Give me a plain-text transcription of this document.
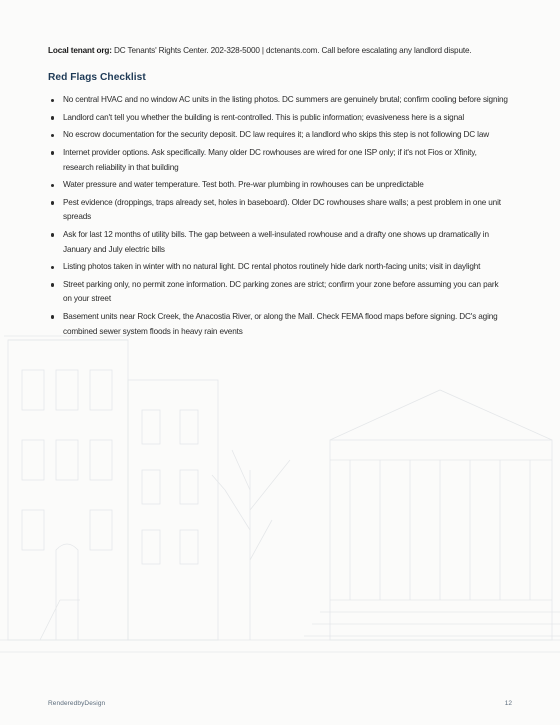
Local tenant org: DC Tenants' Rights Center. 202-328-5000 | dctenants.com. Call before escalating any landlord dispute.

Red Flags Checklist
No central HVAC and no window AC units in the listing photos. DC summers are genuinely brutal; confirm cooling before signing
Landlord can't tell you whether the building is rent-controlled. This is public information; evasiveness here is a signal
No escrow documentation for the security deposit. DC law requires it; a landlord who skips this step is not following DC law
Internet provider options. Ask specifically. Many older DC rowhouses are wired for one ISP only; if it's not Fios or Xfinity, research reliability in that building
Water pressure and water temperature. Test both. Pre-war plumbing in rowhouses can be unpredictable
Pest evidence (droppings, traps already set, holes in baseboard). Older DC rowhouses share walls; a pest problem in one unit spreads
Ask for last 12 months of utility bills. The gap between a well-insulated rowhouse and a drafty one shows up dramatically in January and July electric bills
Listing photos taken in winter with no natural light. DC rental photos routinely hide dark north-facing units; visit in daylight
Street parking only, no permit zone information. DC parking zones are strict; confirm your zone before assuming you can park on your street
Basement units near Rock Creek, the Anacostia River, or along the Mall. Check FEMA flood maps before signing. DC's aging combined sewer system floods in heavy rain events
RenderedbyDesign	12
